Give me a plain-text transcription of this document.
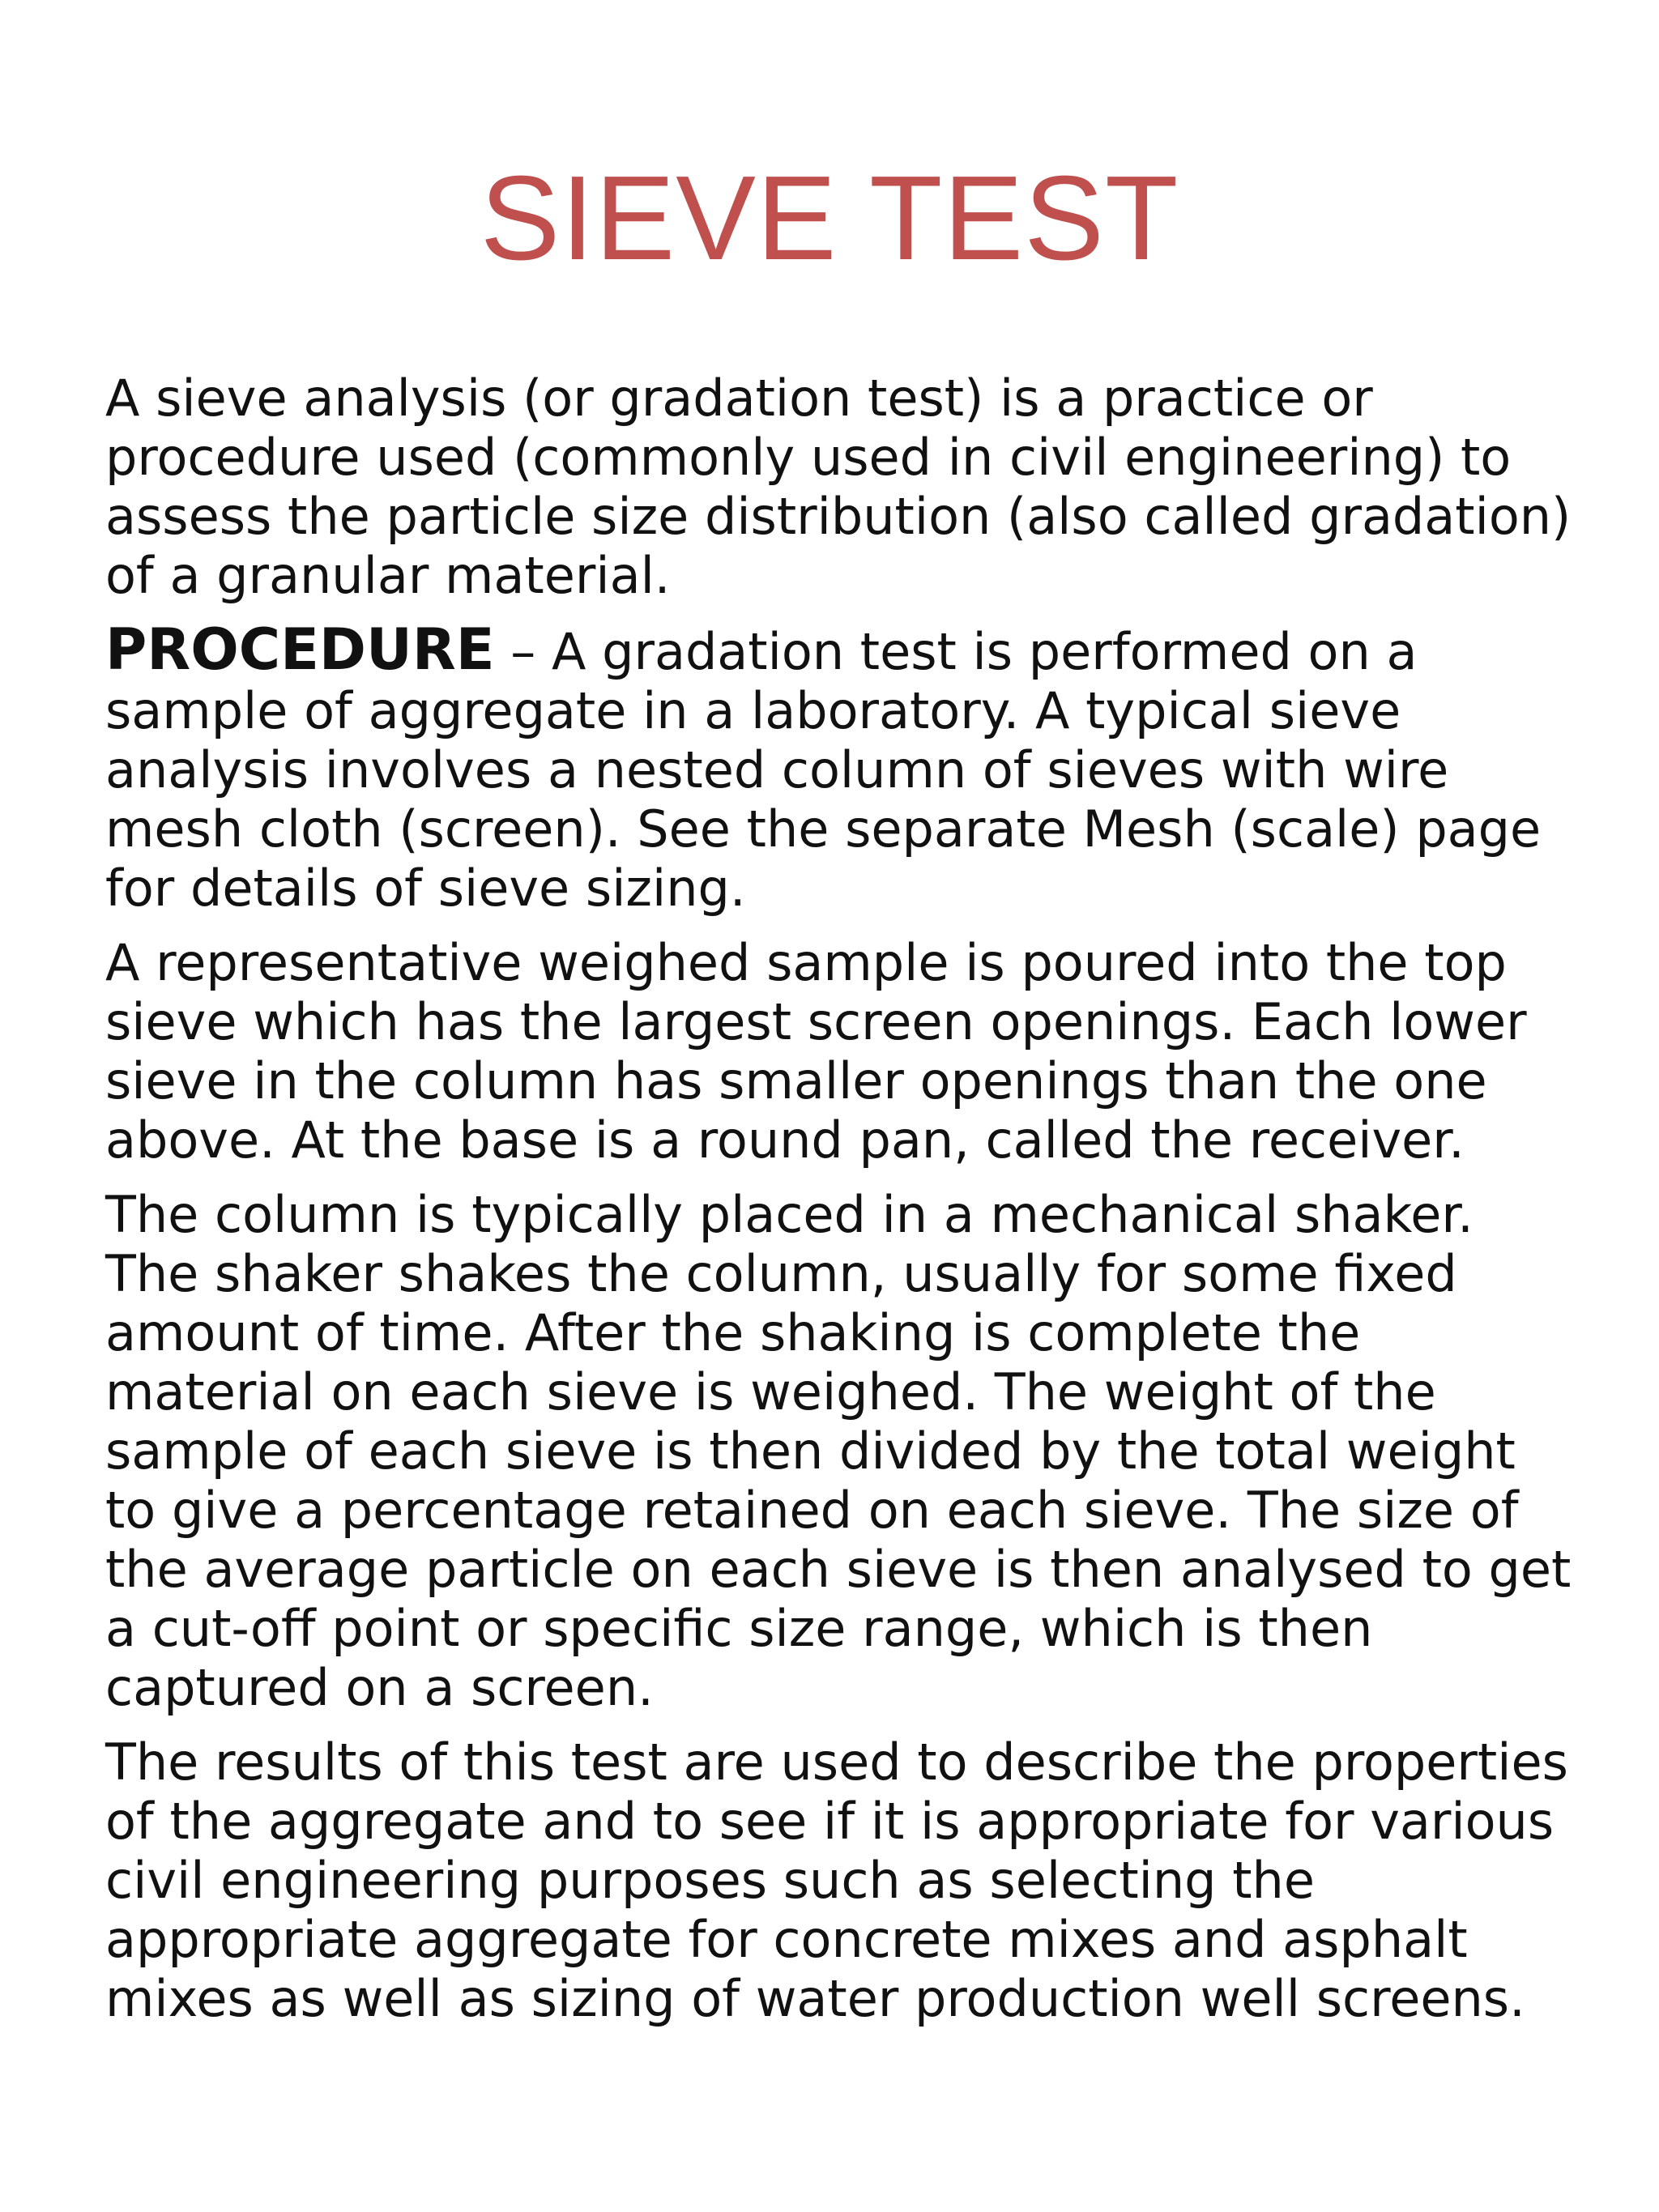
SIEVE TEST

A sieve analysis (or gradation test) is a practice or procedure used (commonly used in civil engineering) to assess the particle size distribution (also called gradation) of a granular material.

PROCEDURE – A gradation test is performed on a sample of aggregate in a laboratory. A typical sieve analysis involves a nested column of sieves with wire mesh cloth (screen). See the separate Mesh (scale) page for details of sieve sizing.

A representative weighed sample is poured into the top sieve which has the largest screen openings. Each lower sieve in the column has smaller openings than the one above. At the base is a round pan, called the receiver.

The column is typically placed in a mechanical shaker. The shaker shakes the column, usually for some fixed amount of time. After the shaking is complete the material on each sieve is weighed. The weight of the sample of each sieve is then divided by the total weight to give a percentage retained on each sieve. The size of the average particle on each sieve is then analysed to get a cut-off point or specific size range, which is then captured on a screen.

The results of this test are used to describe the properties of the aggregate and to see if it is appropriate for various civil engineering purposes such as selecting the appropriate aggregate for concrete mixes and asphalt mixes as well as sizing of water production well screens.
